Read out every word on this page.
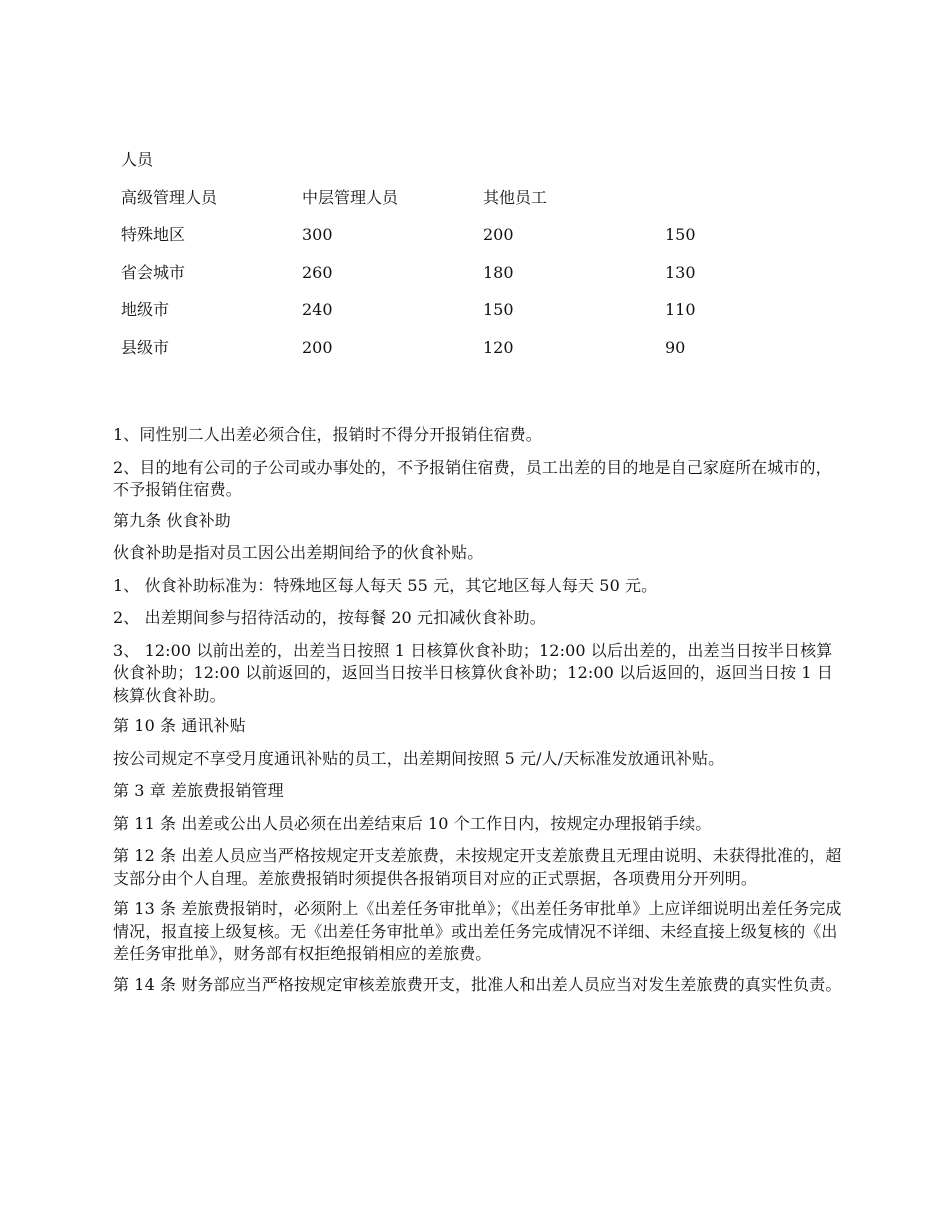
人员
高级管理人员	中层管理人员	其他员工
特殊地区	300	200	150
省会城市	260	180	130
地级市	240	150	110
县级市	200	120	90

1、同性别二人出差必须合住，报销时不得分开报销住宿费。

2、目的地有公司的子公司或办事处的，不予报销住宿费，员工出差的目的地是自己家庭所在城市的，不予报销住宿费。

第九条 伙食补助

伙食补助是指对员工因公出差期间给予的伙食补贴。

1、 伙食补助标准为：特殊地区每人每天 55 元，其它地区每人每天 50 元。

2、 出差期间参与招待活动的，按每餐 20 元扣减伙食补助。

3、 12:00 以前出差的，出差当日按照 1 日核算伙食补助；12:00 以后出差的，出差当日按半日核算伙食补助；12:00 以前返回的，返回当日按半日核算伙食补助；12:00 以后返回的，返回当日按 1 日核算伙食补助。

第 10 条 通讯补贴

按公司规定不享受月度通讯补贴的员工，出差期间按照 5 元/人/天标准发放通讯补贴。

第 3 章 差旅费报销管理

第 11 条 出差或公出人员必须在出差结束后 10 个工作日内，按规定办理报销手续。

第 12 条 出差人员应当严格按规定开支差旅费，未按规定开支差旅费且无理由说明、未获得批准的，超支部分由个人自理。差旅费报销时须提供各报销项目对应的正式票据，各项费用分开列明。

第 13 条 差旅费报销时，必须附上《出差任务审批单》；《出差任务审批单》上应详细说明出差任务完成情况，报直接上级复核。无《出差任务审批单》或出差任务完成情况不详细、未经直接上级复核的《出差任务审批单》，财务部有权拒绝报销相应的差旅费。

第 14 条 财务部应当严格按规定审核差旅费开支，批准人和出差人员应当对发生差旅费的真实性负责。
